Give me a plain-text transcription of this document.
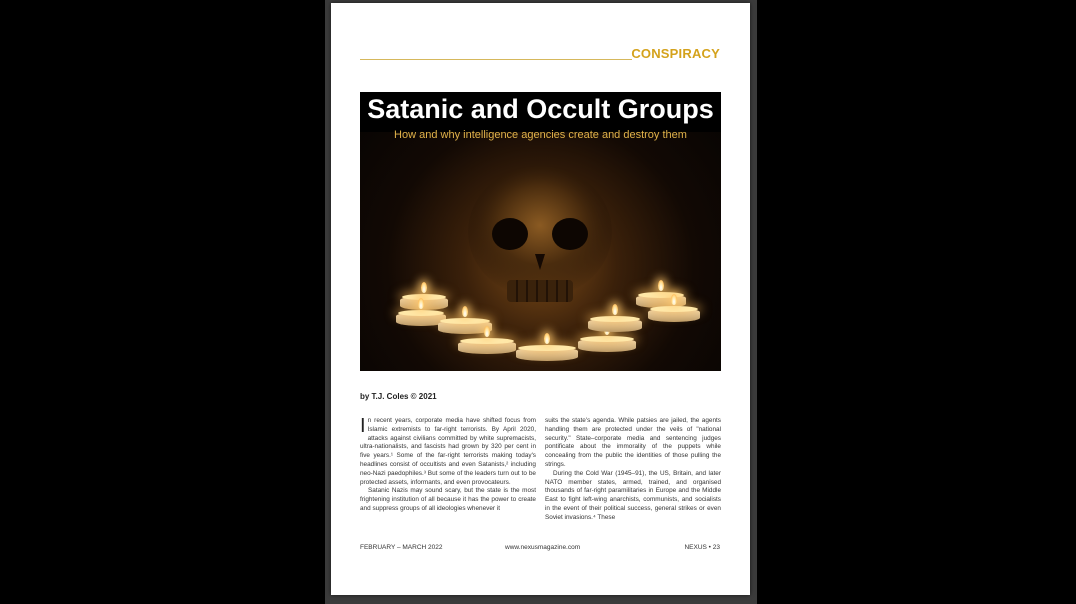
CONSPIRACY
Satanic and Occult Groups
How and why intelligence agencies create and destroy them
by T.J. Coles © 2021

In recent years, corporate media have shifted focus from Islamic extremists to far-right terrorists. By April 2020, attacks against civilians committed by white supremacists, ultra-nationalists, and fascists had grown by 320 per cent in five years.¹ Some of the far-right terrorists making today's headlines consist of occultists and even Satanists,² including neo-Nazi paedophiles.³ But some of the leaders turn out to be protected assets, informants, and even provocateurs.

Satanic Nazis may sound scary, but the state is the most frightening institution of all because it has the power to create and suppress groups of all ideologies whenever it

suits the state's agenda. While patsies are jailed, the agents handling them are protected under the veils of "national security." State–corporate media and sentencing judges pontificate about the immorality of the puppets while concealing from the public the identities of those pulling the strings.

During the Cold War (1945–91), the US, Britain, and later NATO member states, armed, trained, and organised thousands of far-right paramilitaries in Europe and the Middle East to fight left-wing anarchists, communists, and socialists in the event of their political success, general strikes or even Soviet invasions.⁴ These

FEBRUARY – MARCH 2022	www.nexusmagazine.com	NEXUS • 23
